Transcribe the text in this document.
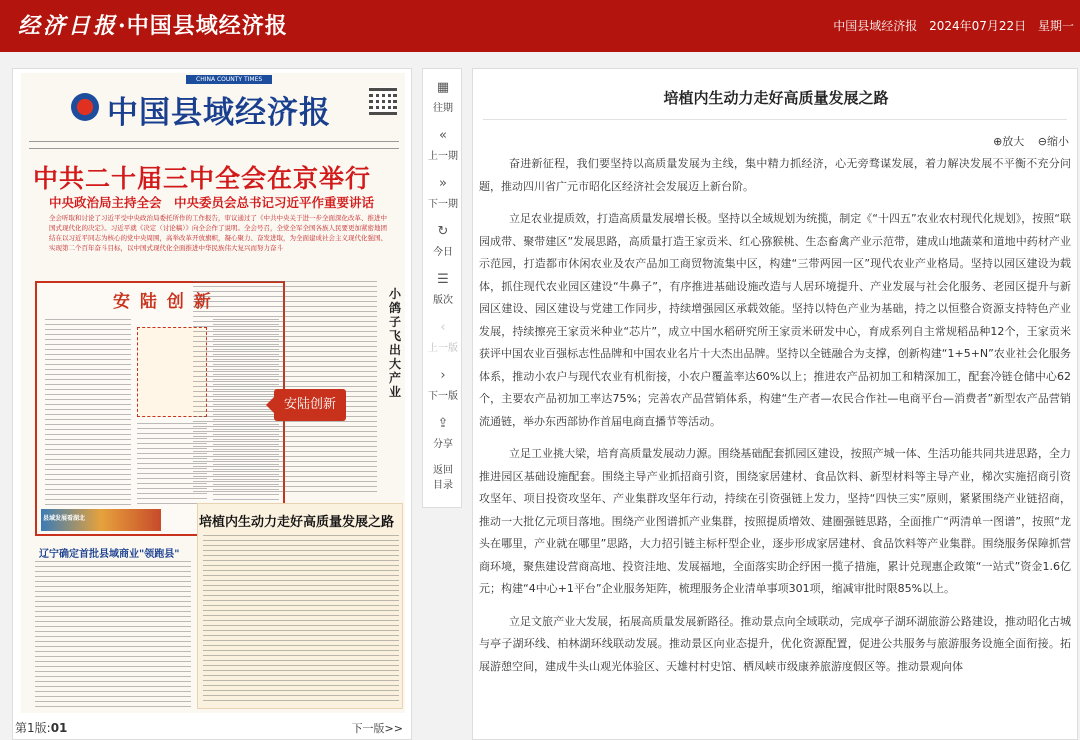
经济日报·中国县域经济报	中国县域经济报 2024年07月22日 星期一
CHINA COUNTY TIMES
中国县域经济报
中共二十届三中全会在京举行
中央政治局主持全会　中央委员会总书记习近平作重要讲话
全会听取和讨论了习近平受中央政治局委托所作的工作报告，审议通过了《中共中央关于进一步全面深化改革、推进中国式现代化的决定》。习近平就《决定（讨论稿）》向全会作了说明。全会号召，全党全军全国各族人民要更加紧密地团结在以习近平同志为核心的党中央周围，高举改革开放旗帜，凝心聚力、奋发进取，为全面建成社会主义现代化强国、实现第二个百年奋斗目标，以中国式现代化全面推进中华民族伟大复兴而努力奋斗
安 陆 创 新
县域发展看湖北
小鸽子飞出大产业
辽宁确定首批县域商业"领跑县"
培植内生动力走好高质量发展之路
第1版:01	下一版>>
安陆创新
▦
往期
«
上一期
»
下一期
↻
今日
☰
版次
‹
上一版
›
下一版
⇪
分享
返回目录
培植内生动力走好高质量发展之路
⊕放大 ⊖缩小

奋进新征程，我们要坚持以高质量发展为主线，集中精力抓经济，心无旁骛谋发展，着力解决发展不平衡不充分问题，推动四川省广元市昭化区经济社会发展迈上新台阶。

立足农业提质效，打造高质量发展增长极。坚持以全域规划为统揽，制定《“十四五”农业农村现代化规划》，按照“联园成带、聚带建区”发展思路，高质量打造王家贡米、红心猕猴桃、生态畜禽产业示范带，建成山地蔬菜和道地中药材产业示范园，打造都市休闲农业及农产品加工商贸物流集中区，构建“三带两园一区”现代农业产业格局。坚持以园区建设为载体，抓住现代农业园区建设“牛鼻子”，有序推进基础设施改造与人居环境提升、产业发展与社会化服务、老园区提升与新园区建设、园区建设与党建工作同步，持续增强园区承载效能。坚持以特色产业为基础，持之以恒整合资源支持特色产业发展，持续擦亮王家贡米种业“芯片”，成立中国水稻研究所王家贡米研发中心，育成系列自主常规稻品种12个，王家贡米获评中国农业百强标志性品牌和中国农业名片十大杰出品牌。坚持以全链融合为支撑，创新构建“1+5+N”农业社会化服务体系，推动小农户与现代农业有机衔接，小农户覆盖率达60%以上；推进农产品初加工和精深加工，配套冷链仓储中心62个，主要农产品初加工率达75%；完善农产品营销体系，构建“生产者—农民合作社—电商平台—消费者”新型农产品营销流通链，举办东西部协作首届电商直播节等活动。

立足工业挑大梁，培育高质量发展动力源。围绕基础配套抓园区建设，按照产城一体、生活功能共同共进思路，全力推进园区基础设施配套。围绕主导产业抓招商引资，围绕家居建材、食品饮料、新型材料等主导产业，梯次实施招商引资攻坚年、项目投资攻坚年、产业集群攻坚年行动，持续在引资强链上发力，坚持“四快三实”原则，紧紧围绕产业链招商，推动一大批亿元项目落地。围绕产业图谱抓产业集群，按照提质增效、建圈强链思路，全面推广“两清单一图谱”，按照“龙头在哪里，产业就在哪里”思路，大力招引链主标杆型企业，逐步形成家居建材、食品饮料等产业集群。围绕服务保障抓营商环境，聚焦建设营商高地、投资洼地、发展福地，全面落实助企纾困一揽子措施，累计兑现惠企政策“一站式”资金1.6亿元；构建“4中心+1平台”企业服务矩阵，梳理服务企业清单事项301项，缩减审批时限85%以上。

立足文旅产业大发展，拓展高质量发展新路径。推动景点向全域联动，完成亭子湖环湖旅游公路建设，推动昭化古城与亭子湖环线、柏林湖环线联动发展。推动景区向业态提升，优化资源配置，促进公共服务与旅游服务设施全面衔接。拓展游憩空间，建成牛头山观光体验区、天雄村村史馆、栖凤峡市级康养旅游度假区等。推动景观向体
